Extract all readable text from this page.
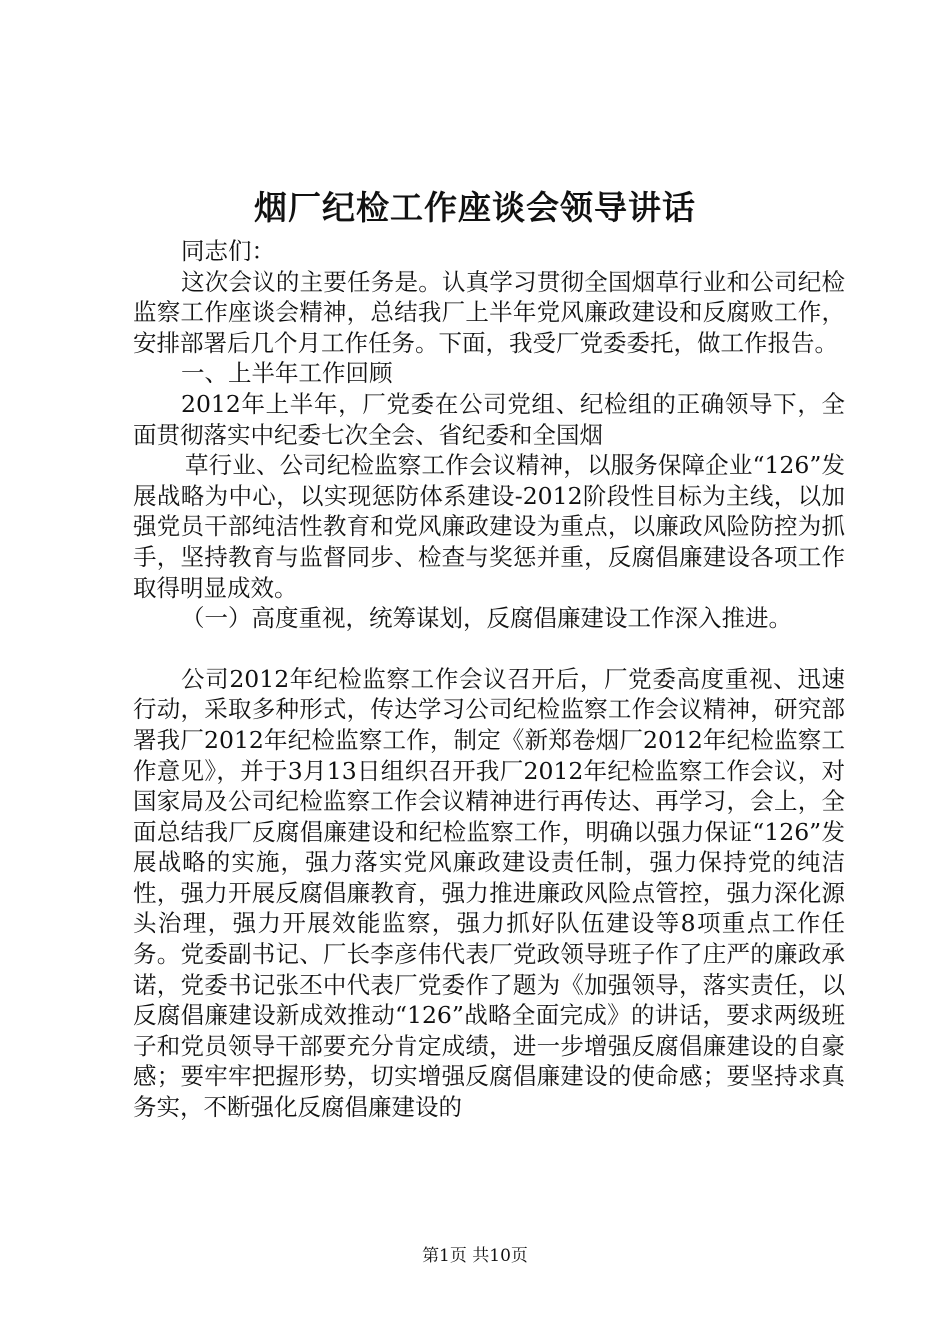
烟厂纪检工作座谈会领导讲话

同志们：

这次会议的主要任务是。认真学习贯彻全国烟草行业和公司纪检监察工作座谈会精神，总结我厂上半年党风廉政建设和反腐败工作，安排部署后几个月工作任务。下面，我受厂党委委托，做工作报告。

一、上半年工作回顾

2012年上半年，厂党委在公司党组、纪检组的正确领导下，全面贯彻落实中纪委七次全会、省纪委和全国烟

草行业、公司纪检监察工作会议精神，以服务保障企业“126”发展战略为中心，以实现惩防体系建设-2012阶段性目标为主线，以加强党员干部纯洁性教育和党风廉政建设为重点，以廉政风险防控为抓手，坚持教育与监督同步、检查与奖惩并重，反腐倡廉建设各项工作取得明显成效。

（一）高度重视，统筹谋划，反腐倡廉建设工作深入推进。

公司2012年纪检监察工作会议召开后，厂党委高度重视、迅速行动，采取多种形式，传达学习公司纪检监察工作会议精神，研究部署我厂2012年纪检监察工作，制定《新郑卷烟厂2012年纪检监察工作意见》，并于3月13日组织召开我厂2012年纪检监察工作会议，对国家局及公司纪检监察工作会议精神进行再传达、再学习，会上，全面总结我厂反腐倡廉建设和纪检监察工作，明确以强力保证“126”发展战略的实施，强力落实党风廉政建设责任制，强力保持党的纯洁性，强力开展反腐倡廉教育，强力推进廉政风险点管控，强力深化源头治理，强力开展效能监察，强力抓好队伍建设等8项重点工作任务。党委副书记、厂长李彦伟代表厂党政领导班子作了庄严的廉政承诺，党委书记张丕中代表厂党委作了题为《加强领导，落实责任，以反腐倡廉建设新成效推动“126”战略全面完成》的讲话，要求两级班子和党员领导干部要充分肯定成绩，进一步增强反腐倡廉建设的自豪感；要牢牢把握形势，切实增强反腐倡廉建设的使命感；要坚持求真务实，不断强化反腐倡廉建设的

第1页 共10页
